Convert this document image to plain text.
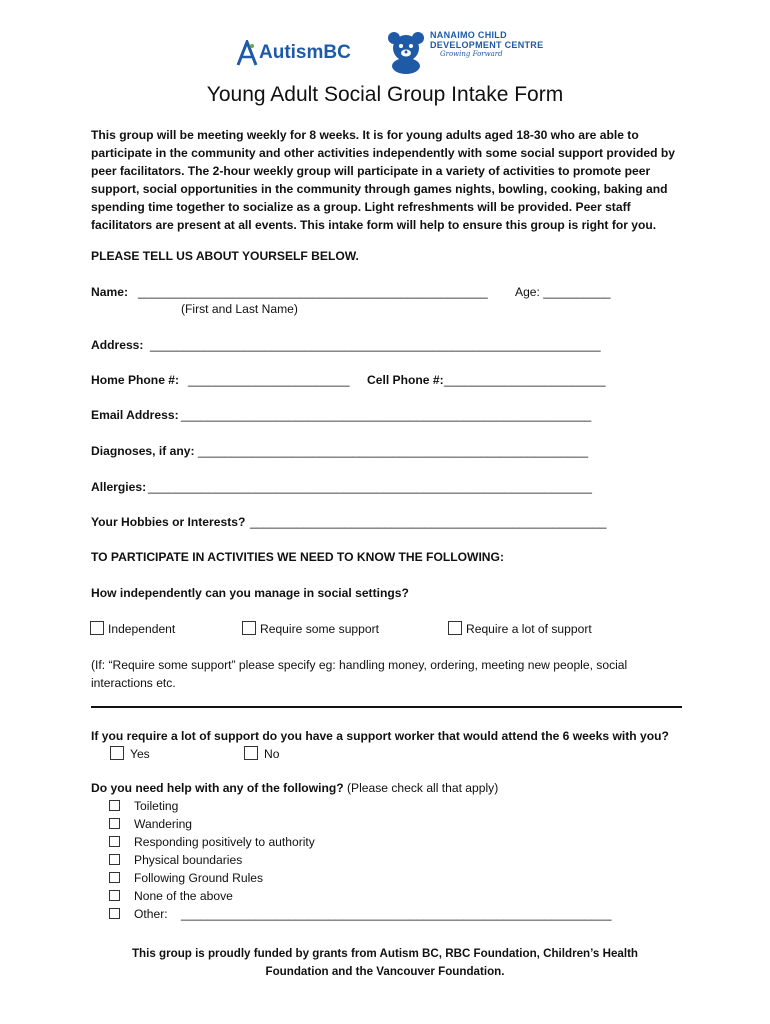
AutismBC
NANAIMO CHILD
DEVELOPMENT CENTRE
Growing Forward
Young Adult Social Group Intake Form
This group will be meeting weekly for 8 weeks. It is for young adults aged 18-30 who are able to participate in the community and other activities independently with some social support provided by peer facilitators. The 2-hour weekly group will participate in a variety of activities to promote peer support, social opportunities in the community through games nights, bowling, cooking, baking and spending time together to socialize as a group. Light refreshments will be provided. Peer staff facilitators are present at all events. This intake form will help to ensure this group is right for you.
PLEASE TELL US ABOUT YOURSELF BELOW.
Name: ____________________________________________________ Age: __________
(First and Last Name)
Address: ___________________________________________________________________
Home Phone #: ________________________ Cell Phone #: ________________________
Email Address: _____________________________________________________________
Diagnoses, if any: __________________________________________________________
Allergies: __________________________________________________________________
Your Hobbies or Interests? _____________________________________________________
TO PARTICIPATE IN ACTIVITIES WE NEED TO KNOW THE FOLLOWING:
How independently can you manage in social settings?
Independent	Require some support	Require a lot of support
(If: “Require some support” please specify eg: handling money, ordering, meeting new people, social interactions etc.
If you require a lot of support do you have a support worker that would attend the 6 weeks with you?
Yes	No
Do you need help with any of the following? (Please check all that apply)
Toileting
Wandering
Responding positively to authority
Physical boundaries
Following Ground Rules
None of the above
Other: ________________________________________________________________
This group is proudly funded by grants from Autism BC, RBC Foundation, Children’s Health Foundation and the Vancouver Foundation.
